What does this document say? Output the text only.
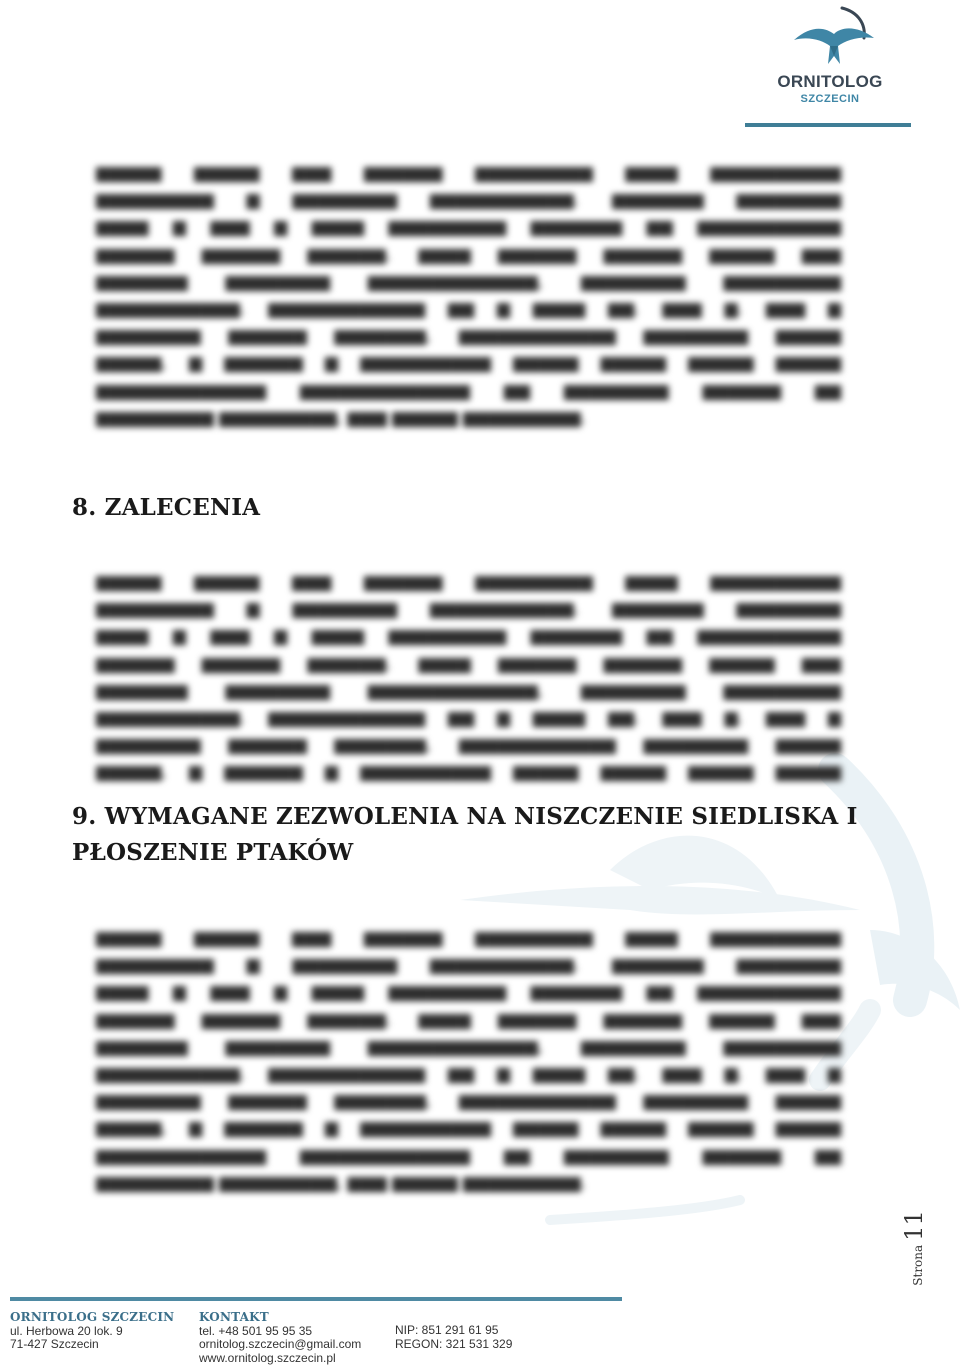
ORNITOLOG
SZCZECIN
▆▆▆▆▆ ▆▆▆▆▆ ▆▆▆ ▆▆▆▆▆▆ ▆▆▆▆▆▆▆▆▆ ▆▆▆▆ ▆▆▆▆▆▆▆▆▆▆
▆▆▆▆▆▆▆▆▆ ▆ ▆▆▆▆▆▆▆▆ ▆▆▆▆▆▆▆▆▆▆▆. ▆▆▆▆▆▆▆ ▆▆▆▆▆▆▆▆
▆▆▆▆ ▆ ▆▆▆ ▆ ▆▆▆▆ ▆▆▆▆▆▆▆▆▆ ▆▆▆▆▆▆▆ ▆▆ ▆▆▆▆▆▆▆▆▆▆▆
▆▆▆▆▆▆ ▆▆▆▆▆▆ ▆▆▆▆▆▆. ▆▆▆▆ ▆▆▆▆▆▆ ▆▆▆▆▆▆ ▆▆▆▆▆ ▆▆▆
▆▆▆▆▆▆▆ ▆▆▆▆▆▆▆▆ ▆▆▆▆▆▆▆▆▆▆▆▆▆, ▆▆▆▆▆▆▆▆ ▆▆▆▆▆▆▆▆▆
▆▆▆▆▆▆▆▆▆▆▆. ▆▆▆▆▆▆▆▆▆▆▆▆ ▆▆ ▆ ▆▆▆▆ ▆▆. ▆▆▆ ▆. ▆▆▆ ▆
▆▆▆▆▆▆▆▆ ▆▆▆▆▆▆ ▆▆▆▆▆▆▆, ▆▆▆▆▆▆▆▆▆▆▆▆ ▆▆▆▆▆▆▆▆ ▆▆▆▆▆
▆▆▆▆▆, ▆ ▆▆▆▆▆▆ ▆ ▆▆▆▆▆▆▆▆▆▆ ▆▆▆▆▆ ▆▆▆▆▆ ▆▆▆▆▆ ▆▆▆▆▆
▆▆▆▆▆▆▆▆▆▆▆▆▆ ▆▆▆▆▆▆▆▆▆▆▆▆▆ ▆▆ ▆▆▆▆▆▆▆▆ ▆▆▆▆▆▆ ▆▆
▆▆▆▆▆▆▆▆▆ ▆▆▆▆▆▆▆▆▆, ▆▆▆ ▆▆▆▆▆ ▆▆▆▆▆▆▆▆▆.
8. ZALECENIA
▆▆▆▆▆ ▆▆▆▆▆ ▆▆▆ ▆▆▆▆▆▆ ▆▆▆▆▆▆▆▆▆ ▆▆▆▆ ▆▆▆▆▆▆▆▆▆▆
▆▆▆▆▆▆▆▆▆ ▆ ▆▆▆▆▆▆▆▆ ▆▆▆▆▆▆▆▆▆▆▆. ▆▆▆▆▆▆▆ ▆▆▆▆▆▆▆▆
▆▆▆▆ ▆ ▆▆▆ ▆ ▆▆▆▆ ▆▆▆▆▆▆▆▆▆ ▆▆▆▆▆▆▆ ▆▆ ▆▆▆▆▆▆▆▆▆▆▆
▆▆▆▆▆▆ ▆▆▆▆▆▆ ▆▆▆▆▆▆. ▆▆▆▆ ▆▆▆▆▆▆ ▆▆▆▆▆▆ ▆▆▆▆▆ ▆▆▆
▆▆▆▆▆▆▆ ▆▆▆▆▆▆▆▆ ▆▆▆▆▆▆▆▆▆▆▆▆▆, ▆▆▆▆▆▆▆▆ ▆▆▆▆▆▆▆▆▆
▆▆▆▆▆▆▆▆▆▆▆. ▆▆▆▆▆▆▆▆▆▆▆▆ ▆▆ ▆ ▆▆▆▆ ▆▆. ▆▆▆ ▆. ▆▆▆ ▆
▆▆▆▆▆▆▆▆ ▆▆▆▆▆▆ ▆▆▆▆▆▆▆, ▆▆▆▆▆▆▆▆▆▆▆▆ ▆▆▆▆▆▆▆▆ ▆▆▆▆▆
▆▆▆▆▆, ▆ ▆▆▆▆▆▆ ▆ ▆▆▆▆▆▆▆▆▆▆ ▆▆▆▆▆ ▆▆▆▆▆ ▆▆▆▆▆ ▆▆▆▆▆
9. WYMAGANE ZEZWOLENIA NA NISZCZENIE SIEDLISKA I
PŁOSZENIE PTAKÓW
▆▆▆▆▆ ▆▆▆▆▆ ▆▆▆ ▆▆▆▆▆▆ ▆▆▆▆▆▆▆▆▆ ▆▆▆▆ ▆▆▆▆▆▆▆▆▆▆
▆▆▆▆▆▆▆▆▆ ▆ ▆▆▆▆▆▆▆▆ ▆▆▆▆▆▆▆▆▆▆▆. ▆▆▆▆▆▆▆ ▆▆▆▆▆▆▆▆
▆▆▆▆ ▆ ▆▆▆ ▆ ▆▆▆▆ ▆▆▆▆▆▆▆▆▆ ▆▆▆▆▆▆▆ ▆▆ ▆▆▆▆▆▆▆▆▆▆▆
▆▆▆▆▆▆ ▆▆▆▆▆▆ ▆▆▆▆▆▆. ▆▆▆▆ ▆▆▆▆▆▆ ▆▆▆▆▆▆ ▆▆▆▆▆ ▆▆▆
▆▆▆▆▆▆▆ ▆▆▆▆▆▆▆▆ ▆▆▆▆▆▆▆▆▆▆▆▆▆, ▆▆▆▆▆▆▆▆ ▆▆▆▆▆▆▆▆▆
▆▆▆▆▆▆▆▆▆▆▆. ▆▆▆▆▆▆▆▆▆▆▆▆ ▆▆ ▆ ▆▆▆▆ ▆▆. ▆▆▆ ▆. ▆▆▆ ▆
▆▆▆▆▆▆▆▆ ▆▆▆▆▆▆ ▆▆▆▆▆▆▆, ▆▆▆▆▆▆▆▆▆▆▆▆ ▆▆▆▆▆▆▆▆ ▆▆▆▆▆
▆▆▆▆▆, ▆ ▆▆▆▆▆▆ ▆ ▆▆▆▆▆▆▆▆▆▆ ▆▆▆▆▆ ▆▆▆▆▆ ▆▆▆▆▆ ▆▆▆▆▆
▆▆▆▆▆▆▆▆▆▆▆▆▆ ▆▆▆▆▆▆▆▆▆▆▆▆▆ ▆▆ ▆▆▆▆▆▆▆▆ ▆▆▆▆▆▆ ▆▆
▆▆▆▆▆▆▆▆▆ ▆▆▆▆▆▆▆▆▆, ▆▆▆ ▆▆▆▆▆ ▆▆▆▆▆▆▆▆▆.
Strona
11
ORNITOLOG SZCZECIN
ul. Herbowa 20 lok. 9
71-427 Szczecin
KONTAKT
tel. +48 501 95 95 35
ornitolog.szczecin@gmail.com
www.ornitolog.szczecin.pl
NIP: 851 291 61 95
REGON: 321 531 329
